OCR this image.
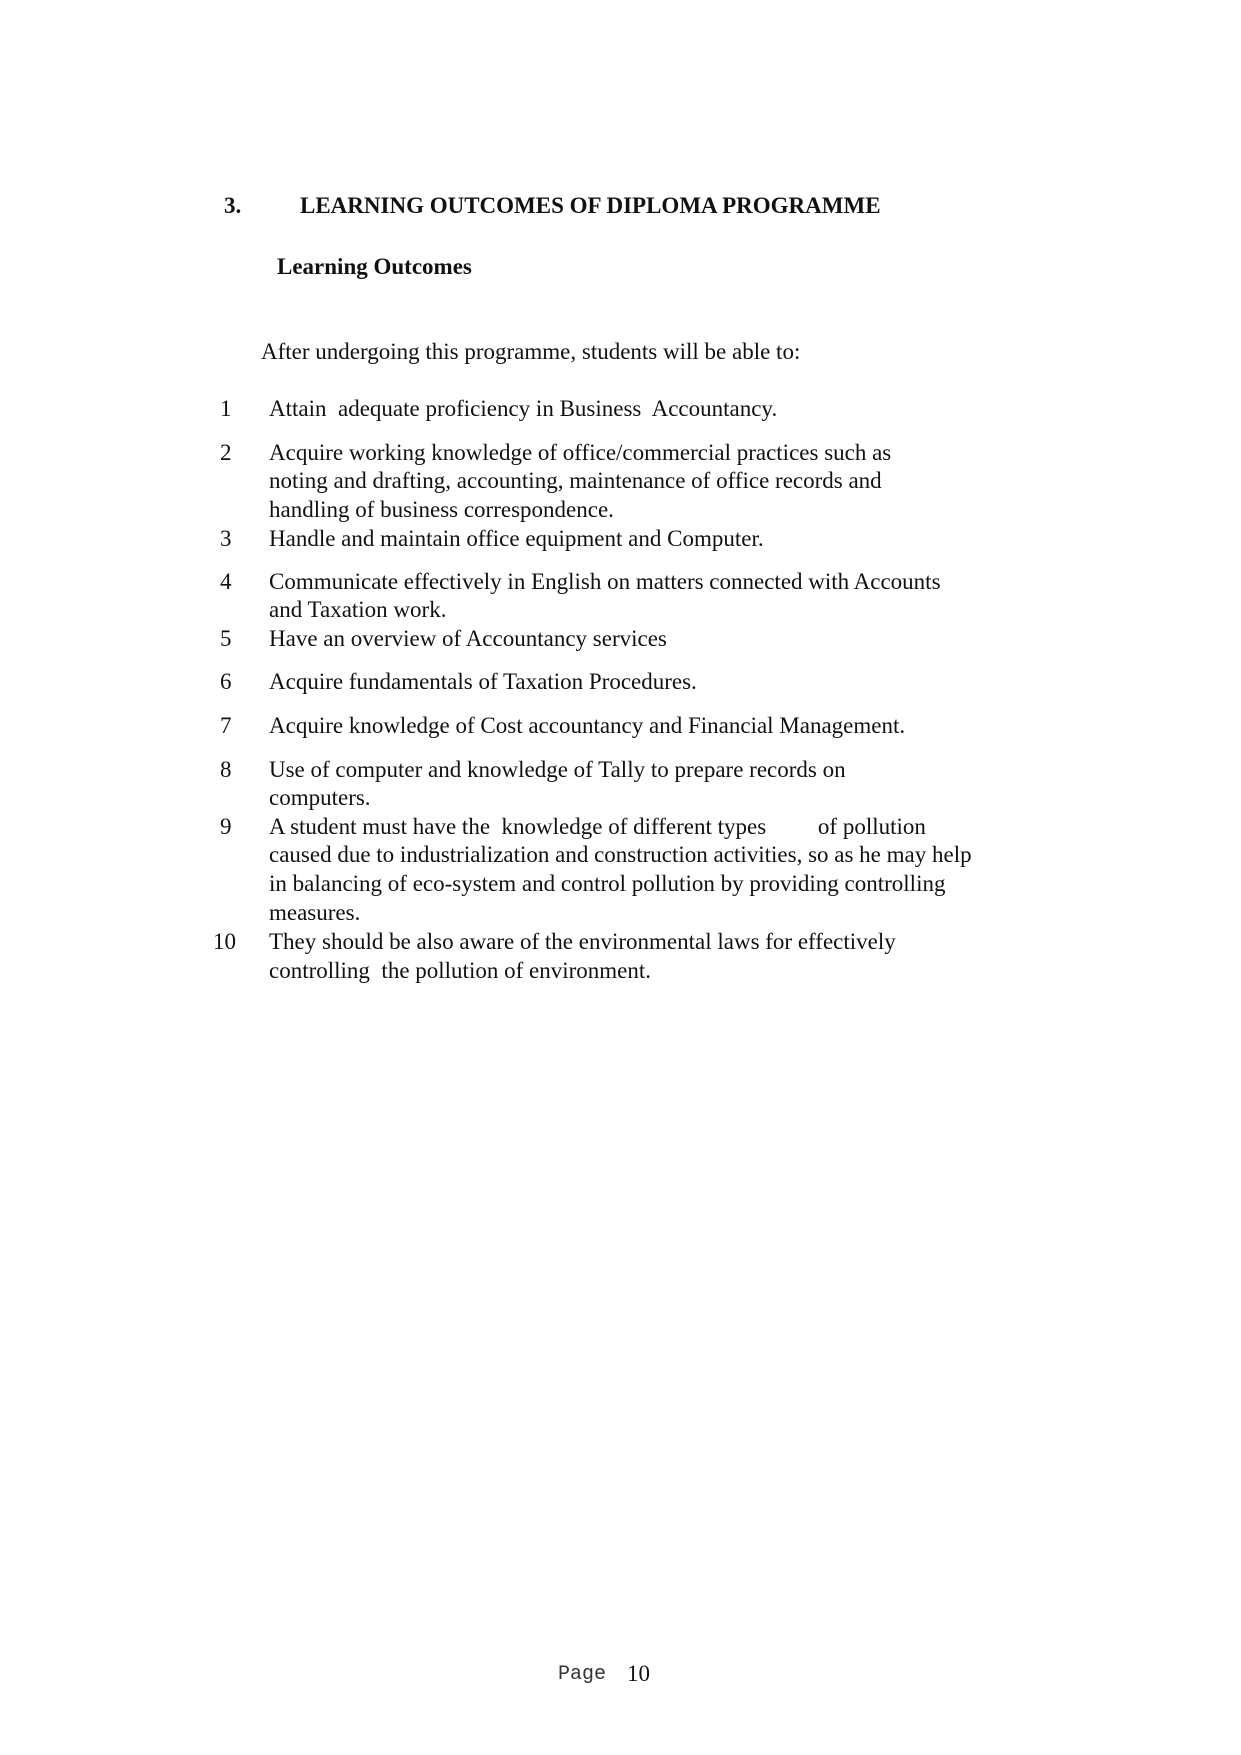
3.	LEARNING OUTCOMES OF DIPLOMA PROGRAMME
Learning Outcomes
After undergoing this programme, students will be able to:
1 Attain  adequate proficiency in Business  Accountancy.
2 Acquire working knowledge of office/commercial practices such as
noting and drafting, accounting, maintenance of office records and
handling of business correspondence.
3 Handle and maintain office equipment and Computer.
4 Communicate effectively in English on matters connected with Accounts
and Taxation work.
5 Have an overview of Accountancy services
6 Acquire fundamentals of Taxation Procedures.
7 Acquire knowledge of Cost accountancy and Financial Management.
8 Use of computer and knowledge of Tally to prepare records on
computers.
9 A student must have the  knowledge of different types         of pollution
caused due to industrialization and construction activities, so as he may help
in balancing of eco-system and control pollution by providing controlling
measures.
10 They should be also aware of the environmental laws for effectively
controlling  the pollution of environment.
Page 10
